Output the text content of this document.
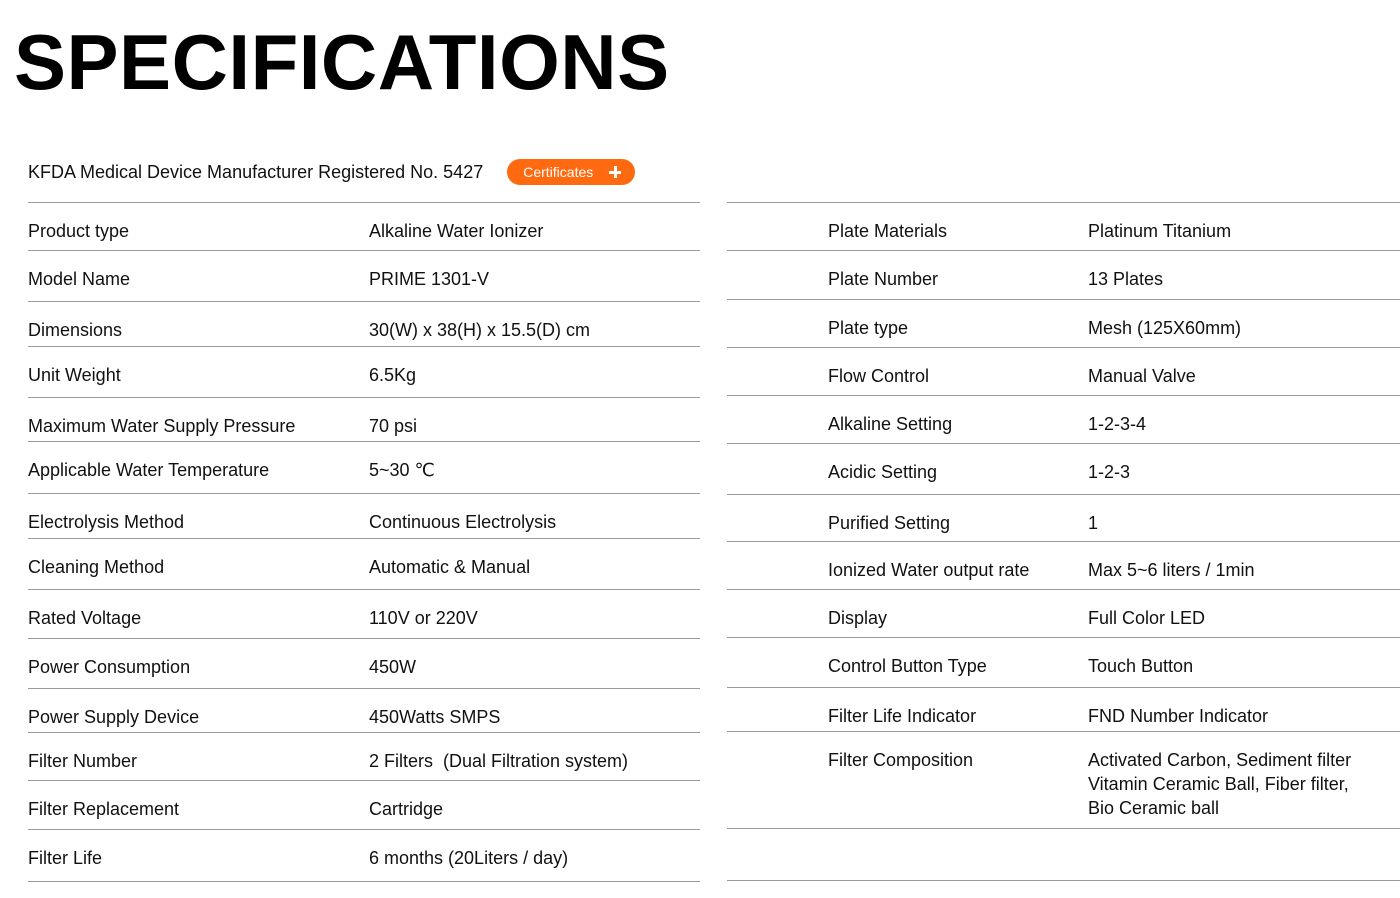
SPECIFICATIONS
KFDA Medical Device Manufacturer Registered No. 5427	Certificates
Product type	Alkaline Water Ionizer
Model Name	PRIME 1301-V
Dimensions	30(W) x 38(H) x 15.5(D) cm
Unit Weight	6.5Kg
Maximum Water Supply Pressure	70 psi
Applicable Water Temperature	5~30 ℃
Electrolysis Method	Continuous Electrolysis
Cleaning Method	Automatic & Manual
Rated Voltage	110V or 220V
Power Consumption	450W
Power Supply Device	450Watts SMPS
Filter Number	2 Filters  (Dual Filtration system)
Filter Replacement	Cartridge
Filter Life	6 months (20Liters / day)
Plate Materials	Platinum Titanium
Plate Number	13 Plates
Plate type	Mesh (125X60mm)
Flow Control	Manual Valve
Alkaline Setting	1-2-3-4
Acidic Setting	1-2-3
Purified Setting	1
Ionized Water output rate	Max 5~6 liters / 1min
Display	Full Color LED
Control Button Type	Touch Button
Filter Life Indicator	FND Number Indicator
Filter Composition	Activated Carbon, Sediment filter
Vitamin Ceramic Ball, Fiber filter,
Bio Ceramic ball
